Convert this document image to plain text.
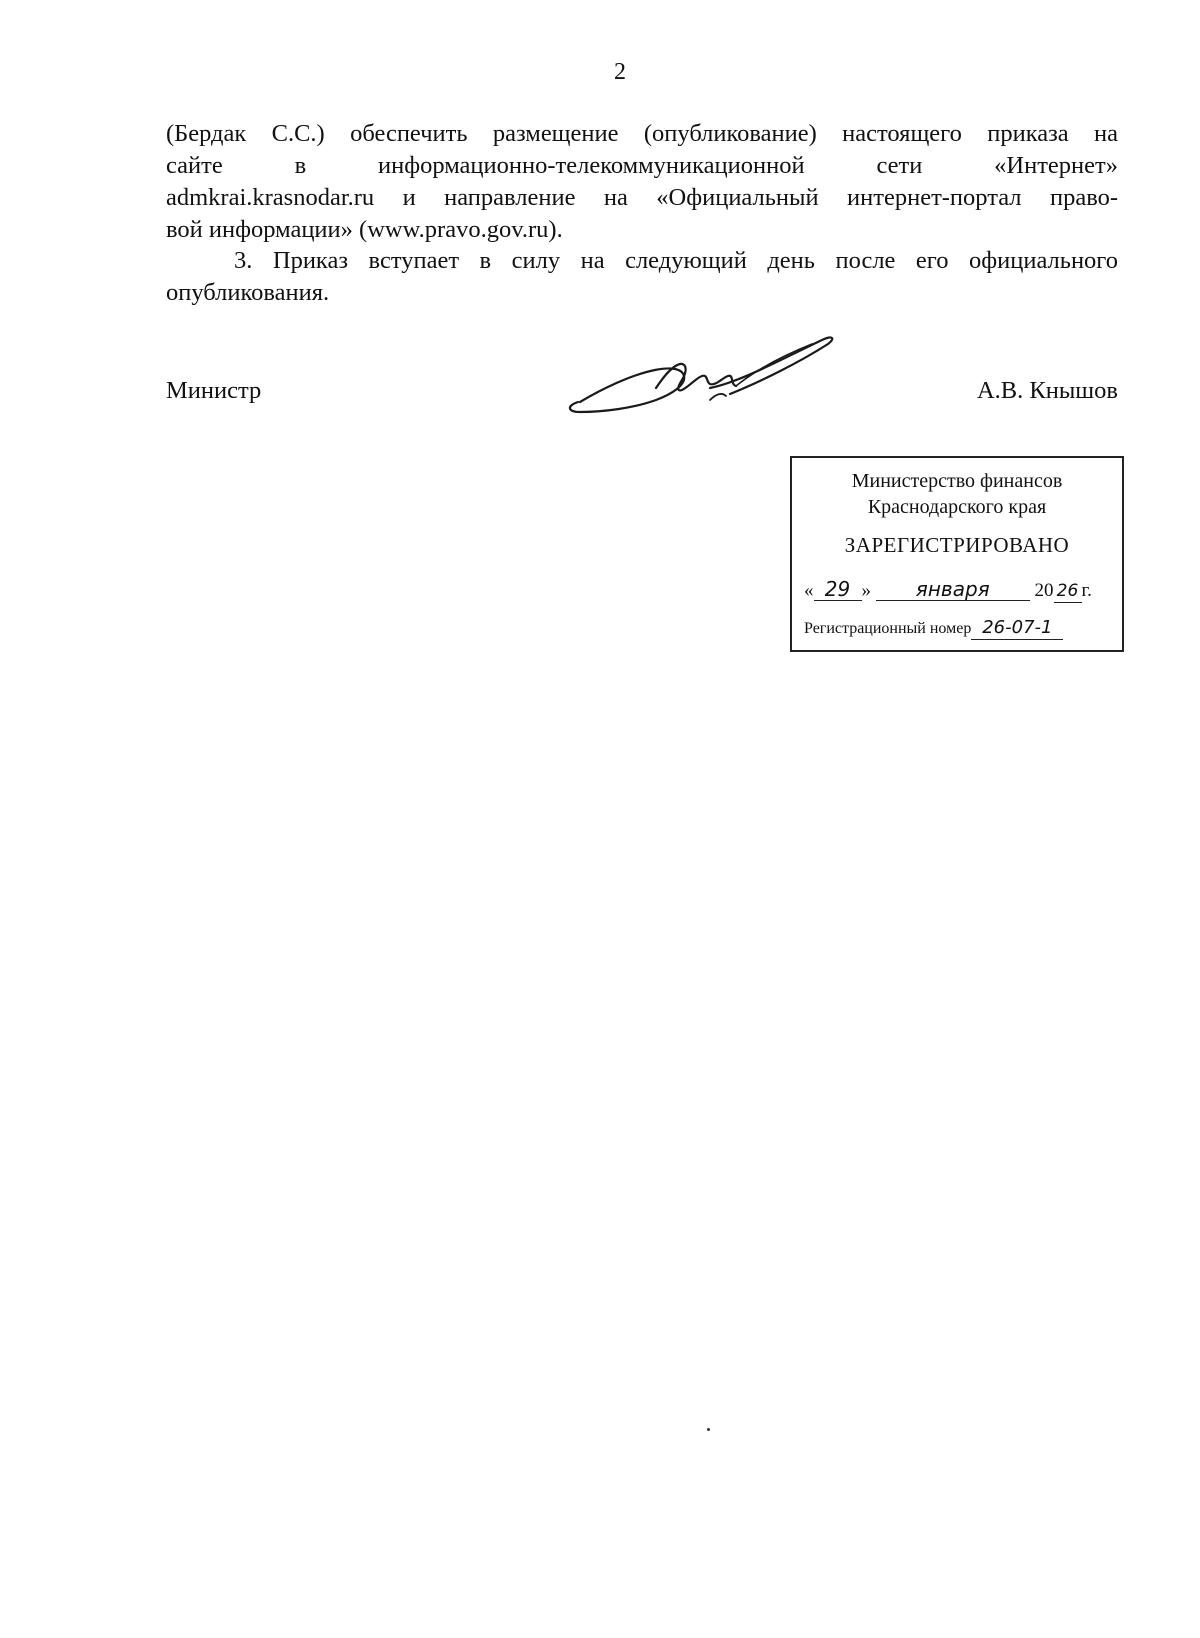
2
(Бердак С.С.) обеспечить размещение (опубликование) настоящего приказа на
сайте в информационно-телекоммуникационной сети «Интернет»
admkrai.krasnodar.ru и направление на «Официальный интернет-портал право-
вой информации» (www.pravo.gov.ru).
3. Приказ вступает в силу на следующий день после его официального
опубликования.
Министр	А.В. Кнышов
Министерство финансов
Краснодарского края
ЗАРЕГИСТРИРОВАНО
« 29 » января 20 26 г.
Регистрационный номер 26-07-1
